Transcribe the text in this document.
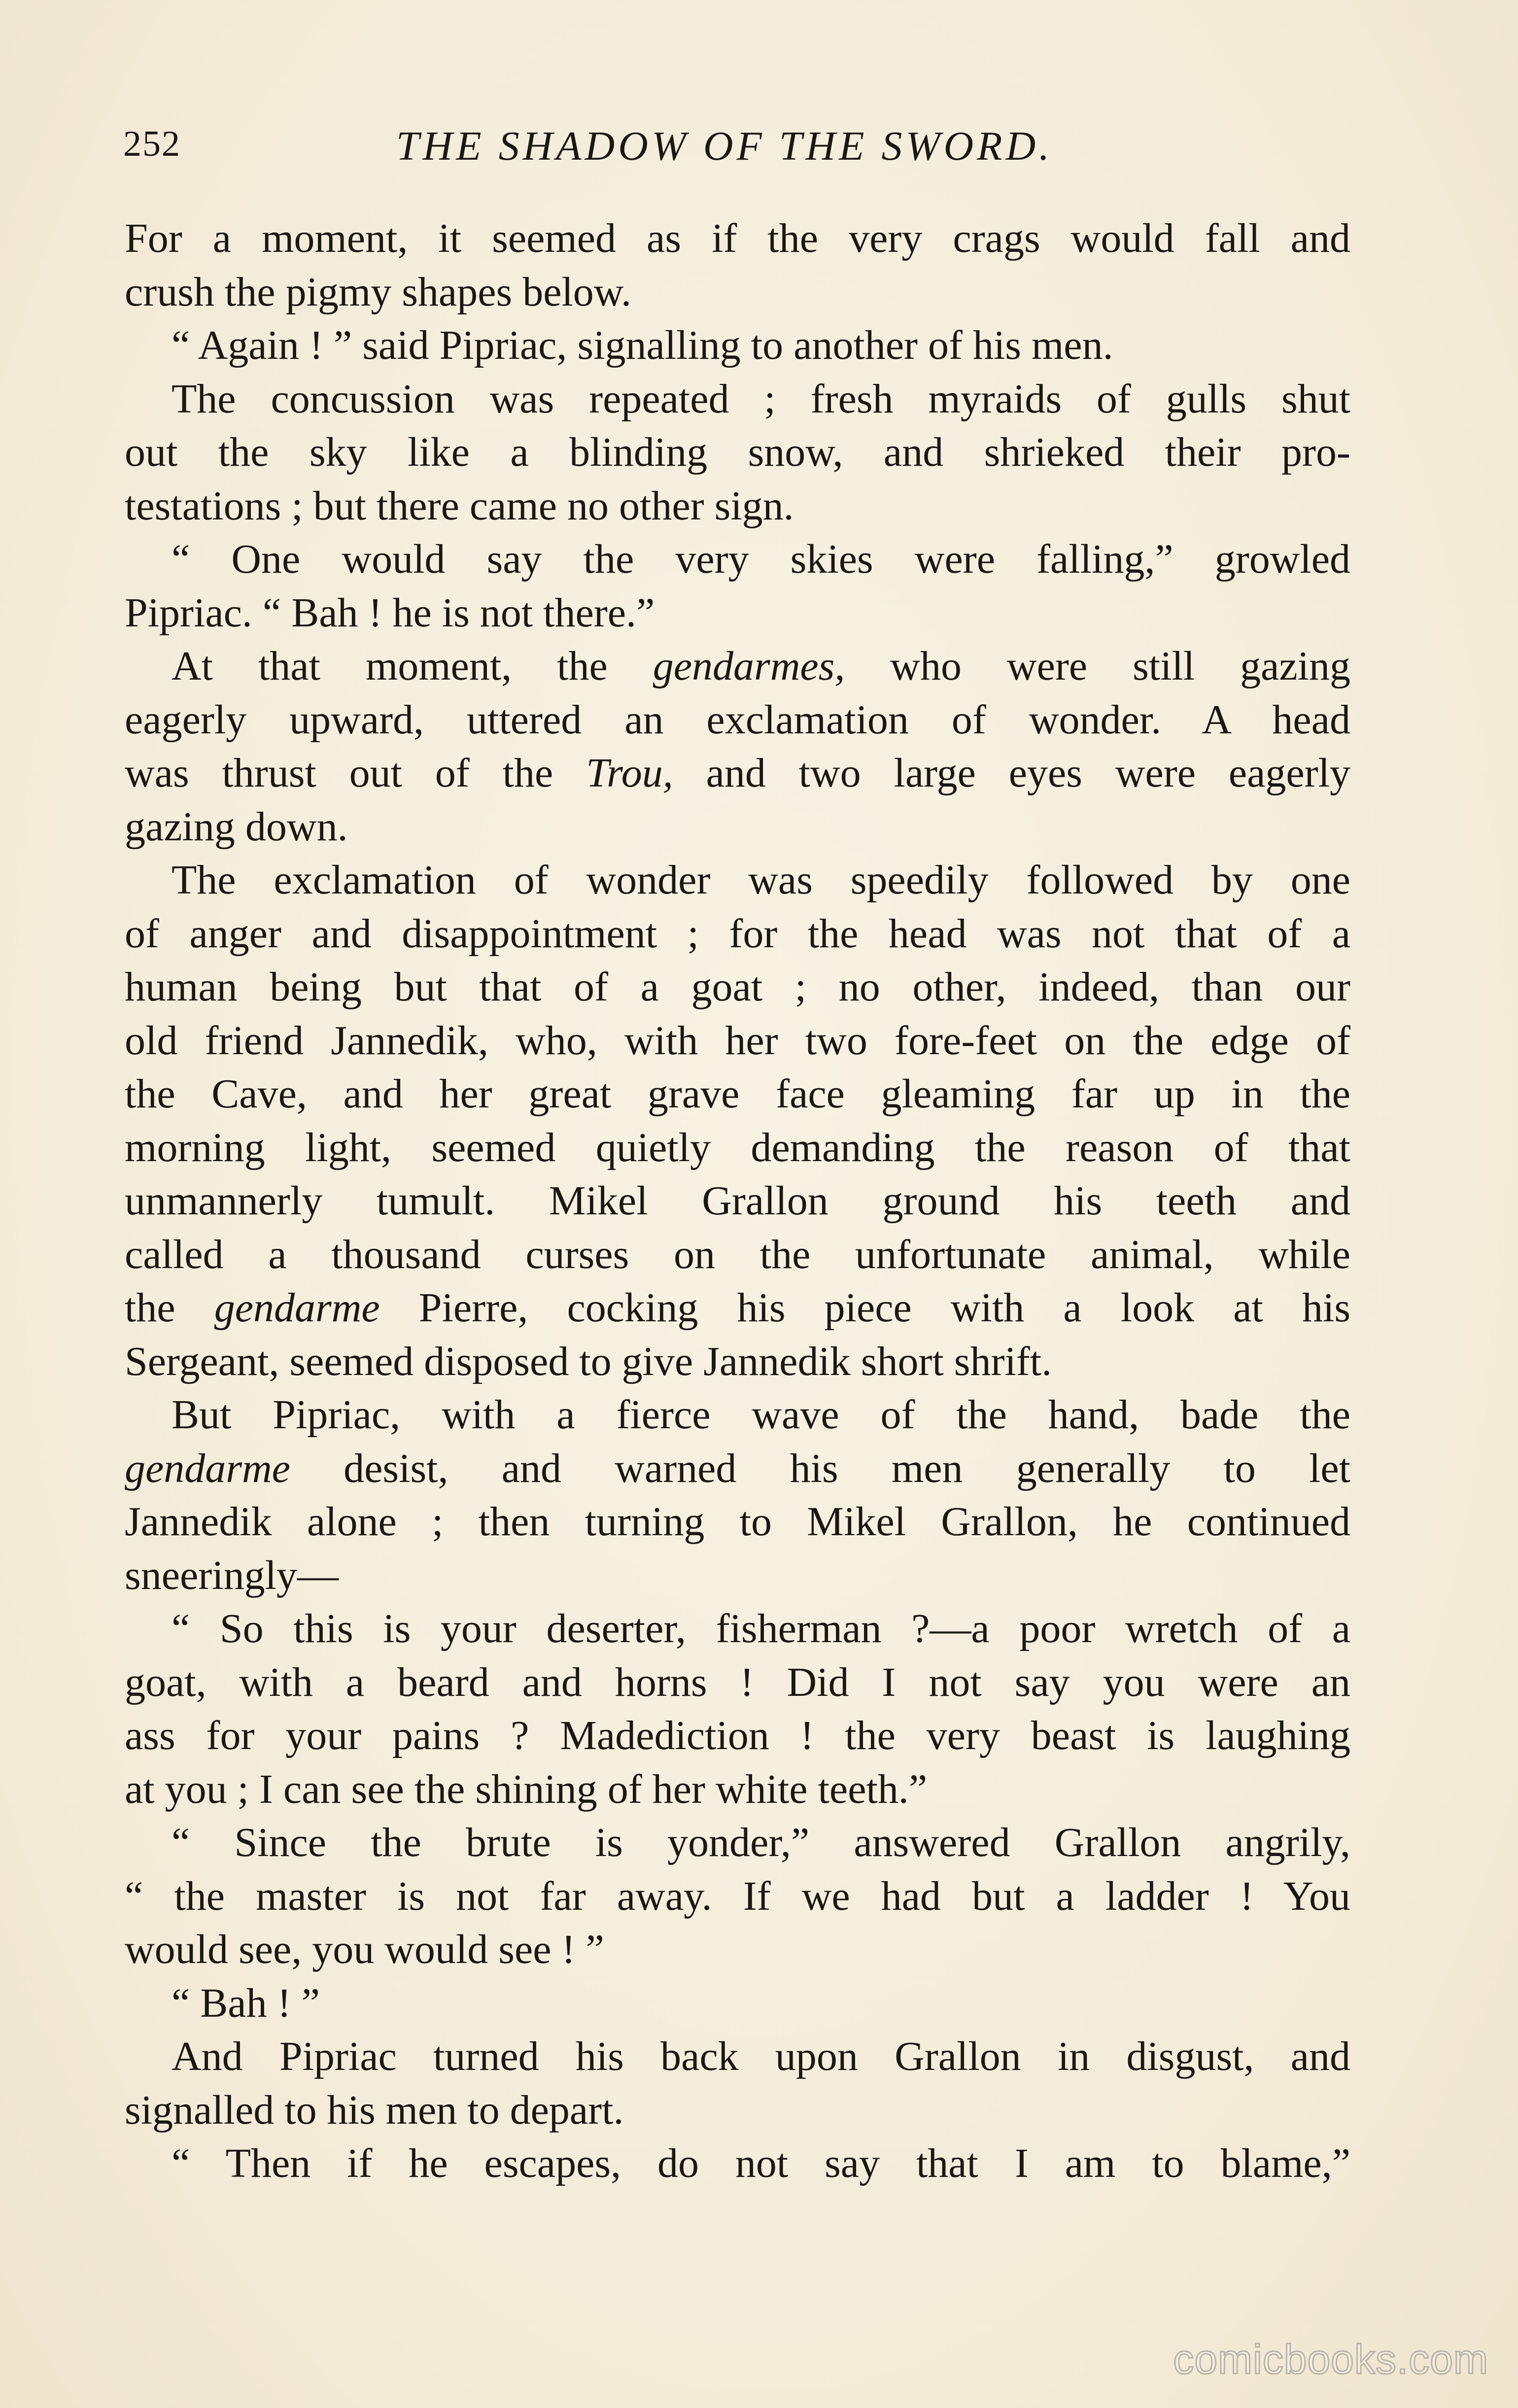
252	THE SHADOW OF THE SWORD.
For a moment, it seemed as if the very crags would fall and
crush the pigmy shapes below.
“ Again ! ” said Pipriac, signalling to another of his men.
The concussion was repeated ; fresh myraids of gulls shut
out the sky like a blinding snow, and shrieked their pro-
testations ; but there came no other sign.
“ One would say the very skies were falling,” growled
Pipriac. “ Bah ! he is not there.”
At that moment, the gendarmes, who were still gazing
eagerly upward, uttered an exclamation of wonder. A head
was thrust out of the Trou, and two large eyes were eagerly
gazing down.
The exclamation of wonder was speedily followed by one
of anger and disappointment ; for the head was not that of a
human being but that of a goat ; no other, indeed, than our
old friend Jannedik, who, with her two fore-feet on the edge of
the Cave, and her great grave face gleaming far up in the
morning light, seemed quietly demanding the reason of that
unmannerly tumult. Mikel Grallon ground his teeth and
called a thousand curses on the unfortunate animal, while
the gendarme Pierre, cocking his piece with a look at his
Sergeant, seemed disposed to give Jannedik short shrift.
But Pipriac, with a fierce wave of the hand, bade the
gendarme desist, and warned his men generally to let
Jannedik alone ; then turning to Mikel Grallon, he continued
sneeringly—
“ So this is your deserter, fisherman ?—a poor wretch of a
goat, with a beard and horns ! Did I not say you were an
ass for your pains ? Madediction ! the very beast is laughing
at you ; I can see the shining of her white teeth.”
“ Since the brute is yonder,” answered Grallon angrily,
“ the master is not far away. If we had but a ladder ! You
would see, you would see ! ”
“ Bah ! ”
And Pipriac turned his back upon Grallon in disgust, and
signalled to his men to depart.
“ Then if he escapes, do not say that I am to blame,”
comicbooks.com
